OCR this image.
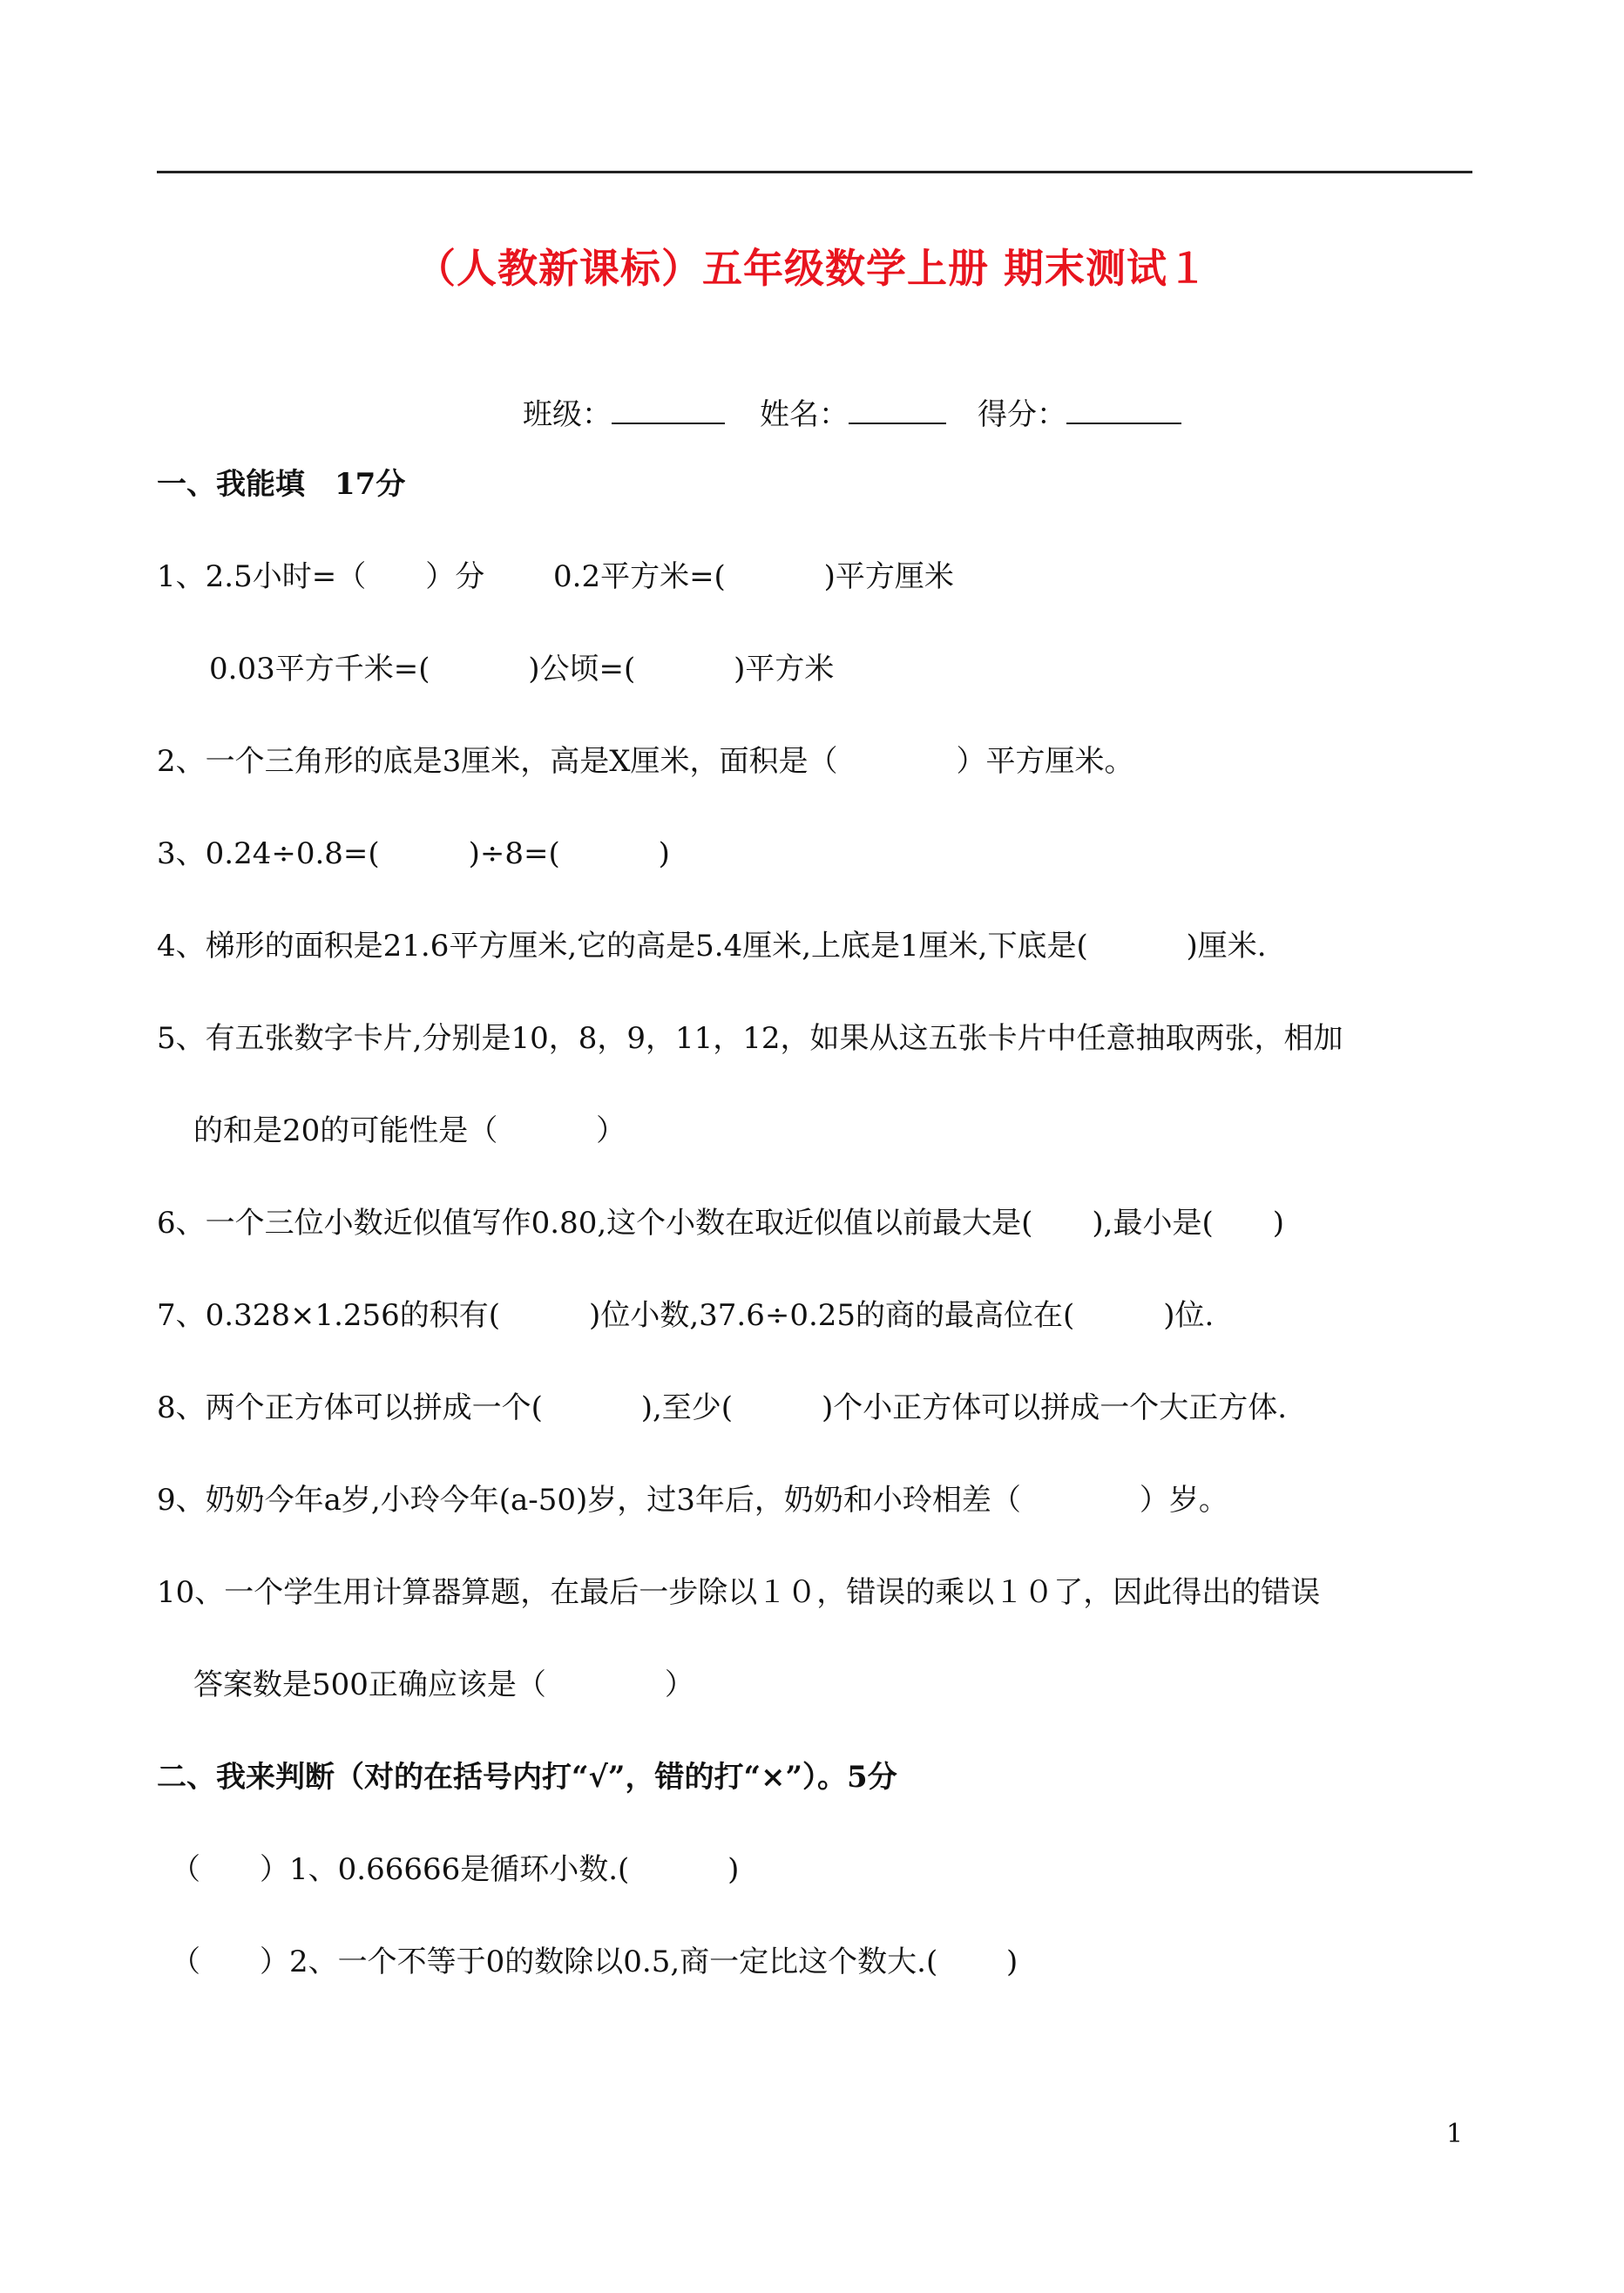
（人教新课标）五年级数学上册 期末测试１
班级：	姓名：	得分：
一、我能填　17分
1、2.5小时=（　　）分　　 0.2平方米=(　　　 )平方厘米
0.03平方千米=(　　　 )公顷=(　　　 )平方米
2、一个三角形的底是3厘米，高是X厘米，面积是（　　　　）平方厘米。
3、0.24÷0.8=(　　　)÷8=(　　　 )
4、梯形的面积是21.6平方厘米,它的高是5.4厘米,上底是1厘米,下底是(　　　 )厘米.
5、有五张数字卡片,分别是10，8，9，11，12，如果从这五张卡片中任意抽取两张，相加
的和是20的可能性是（　　　 ）
6、一个三位小数近似值写作0.80,这个小数在取近似值以前最大是(　　),最小是(　　)
7、0.328×1.256的积有(　　　)位小数,37.6÷0.25的商的最高位在(　　　)位.
8、两个正方体可以拼成一个(　　　 ),至少(　　　)个小正方体可以拼成一个大正方体.
9、奶奶今年a岁,小玲今年(a-50)岁，过3年后，奶奶和小玲相差（　　　　）岁。
10、一个学生用计算器算题，在最后一步除以１０，错误的乘以１０了，因此得出的错误
答案数是500正确应该是（　　　　）
二、我来判断（对的在括号内打“√”，错的打“×”）。5分
（　　）1、0.66666是循环小数.(　　　 )
（　　）2、一个不等于0的数除以0.5,商一定比这个数大.(　　 )
1
